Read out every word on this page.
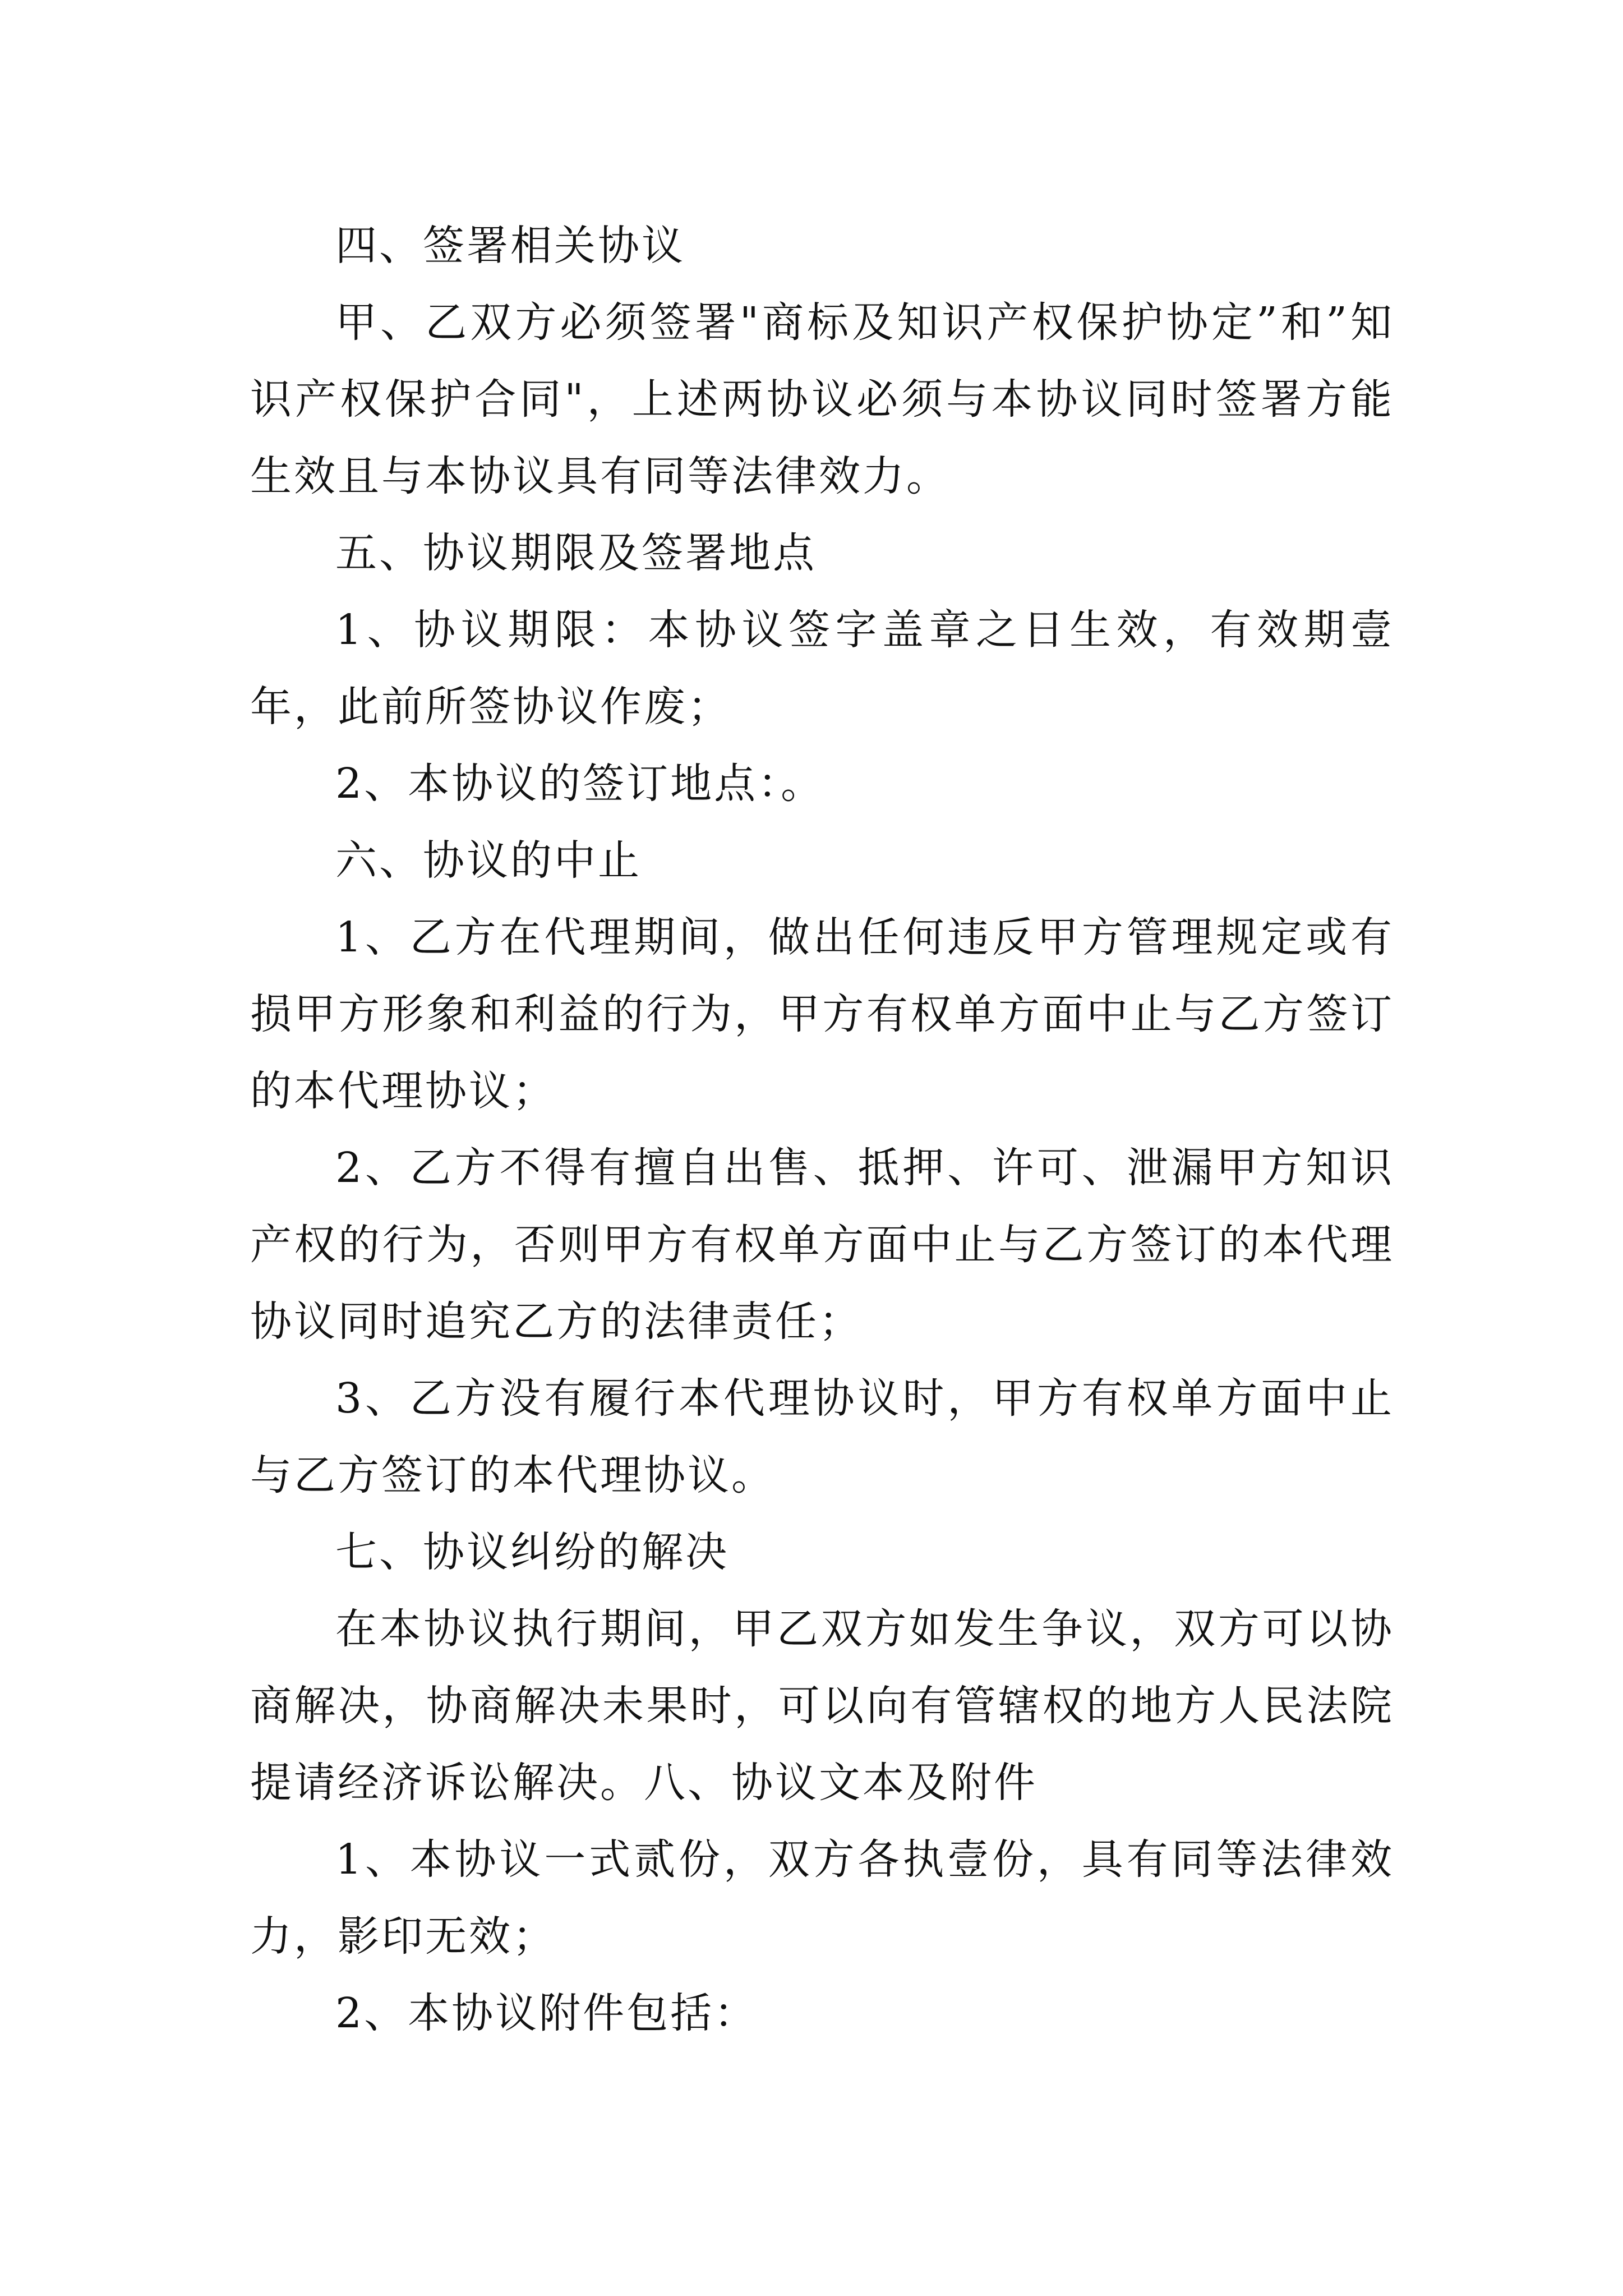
四、签署相关协议

甲、乙双方必须签署"商标及知识产权保护协定”和”知识产权保护合同"，上述两协议必须与本协议同时签署方能生效且与本协议具有同等法律效力。

五、协议期限及签署地点

1、协议期限：本协议签字盖章之日生效，有效期壹年，此前所签协议作废；

2、本协议的签订地点：。

六、协议的中止

1、乙方在代理期间，做出任何违反甲方管理规定或有损甲方形象和利益的行为，甲方有权单方面中止与乙方签订的本代理协议；

2、乙方不得有擅自出售、抵押、许可、泄漏甲方知识产权的行为，否则甲方有权单方面中止与乙方签订的本代理协议同时追究乙方的法律责任；

3、乙方没有履行本代理协议时，甲方有权单方面中止与乙方签订的本代理协议。

七、协议纠纷的解决

在本协议执行期间，甲乙双方如发生争议，双方可以协商解决，协商解决未果时，可以向有管辖权的地方人民法院提请经济诉讼解决。八、协议文本及附件

1、本协议一式贰份，双方各执壹份，具有同等法律效力，影印无效；

2、本协议附件包括：
